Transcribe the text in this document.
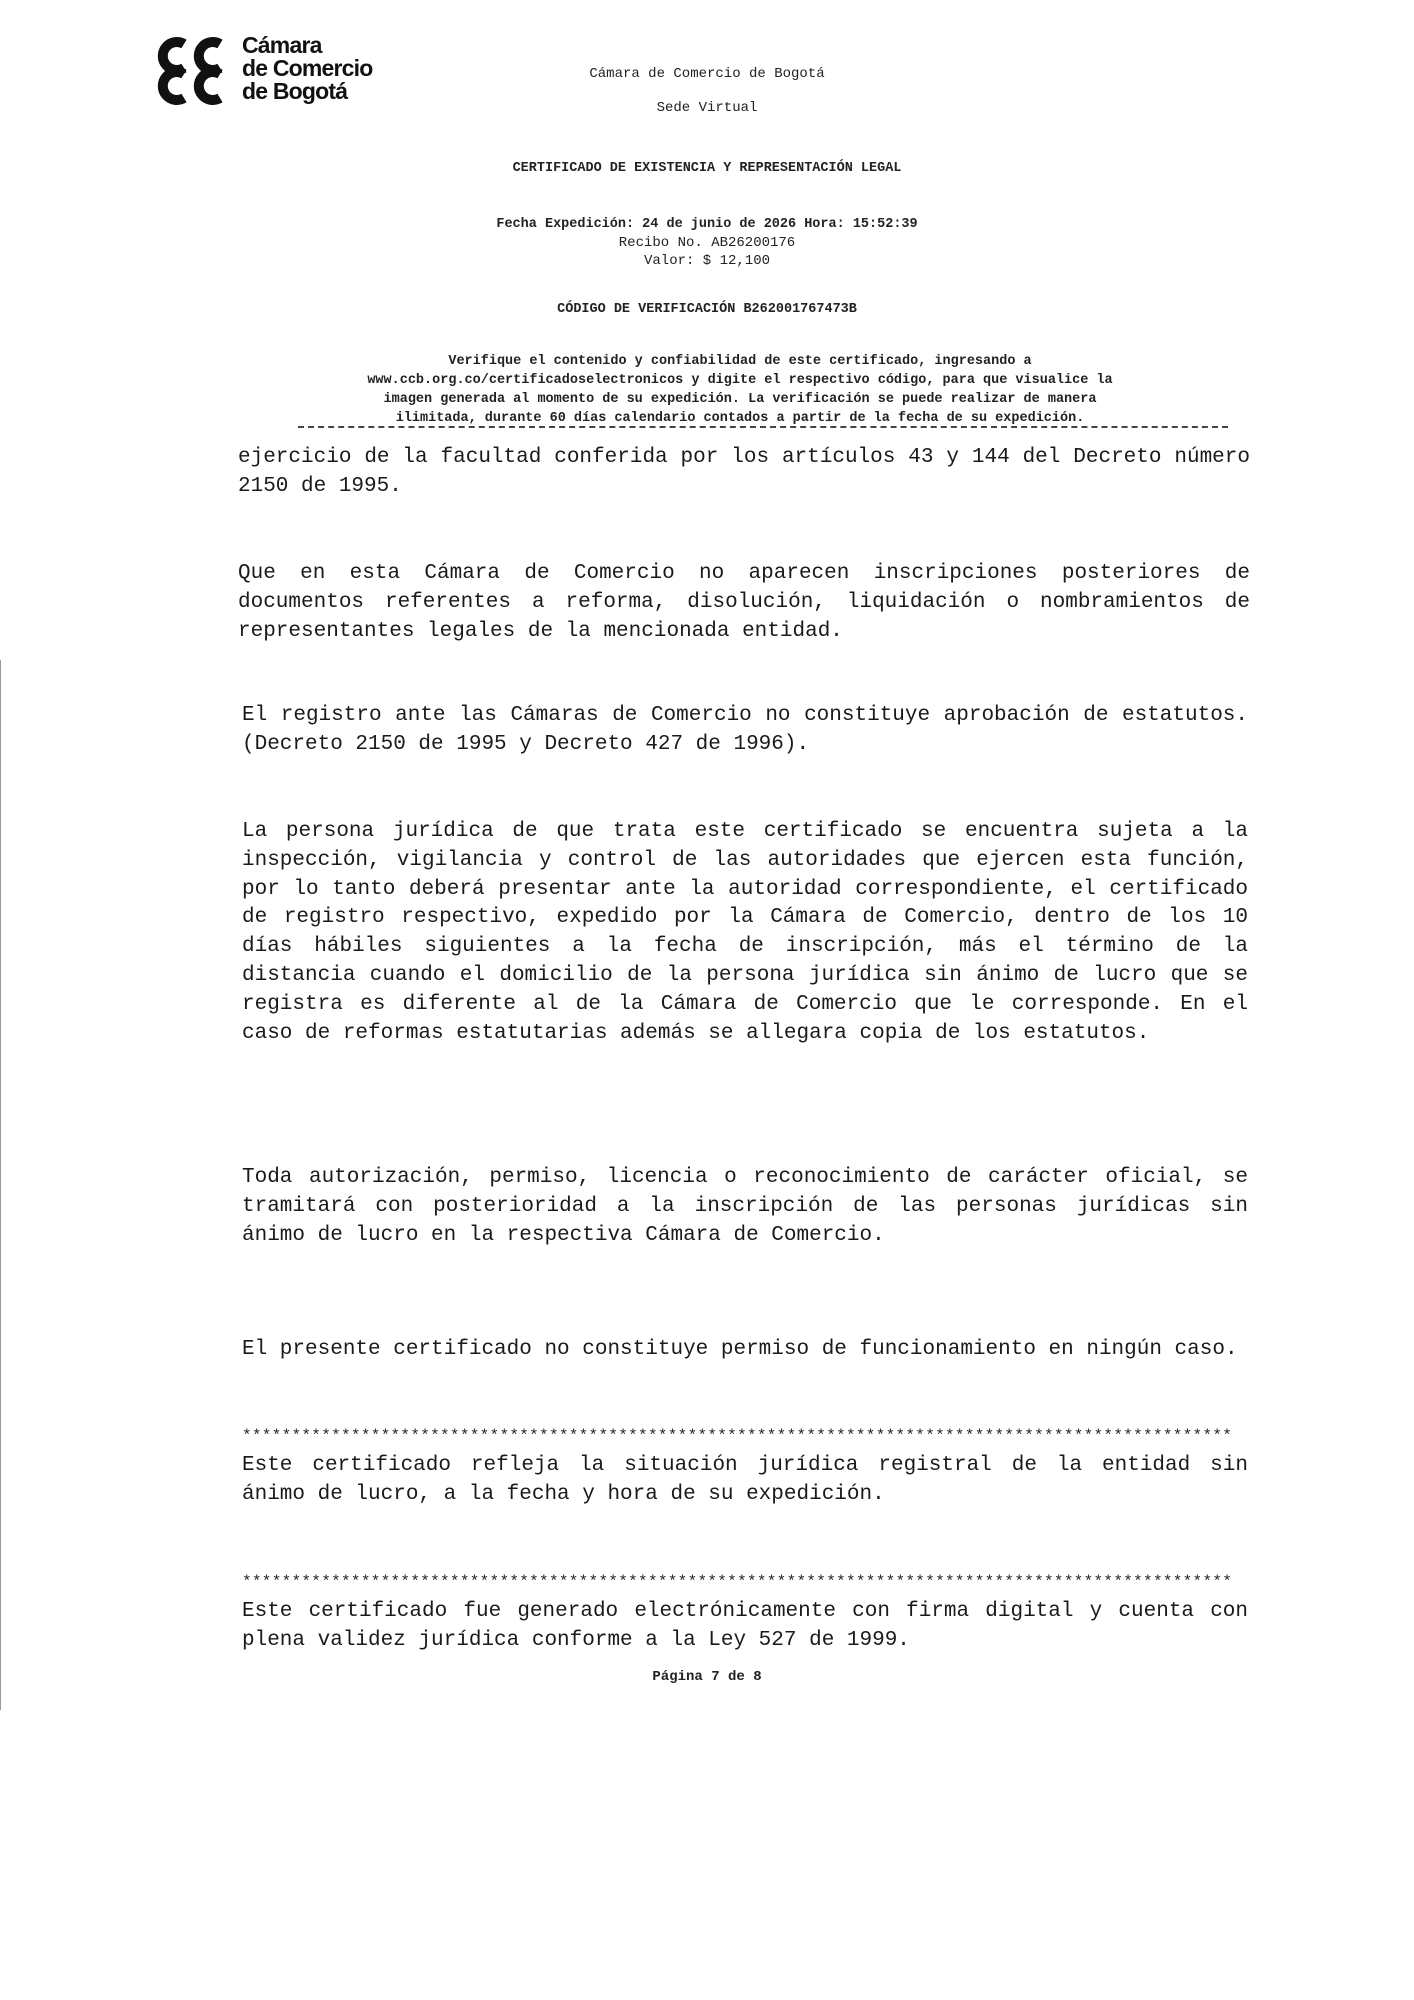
Cámara
de Comercio
de Bogotá
Cámara de Comercio de Bogotá
Sede Virtual
CERTIFICADO DE EXISTENCIA Y REPRESENTACIÓN LEGAL
Fecha Expedición: 24 de junio de 2026 Hora: 15:52:39
Recibo No. AB26200176
Valor: $ 12,100
CÓDIGO DE VERIFICACIÓN B262001767473B
Verifique el contenido y confiabilidad de este certificado, ingresando a
www.ccb.org.co/certificadoselectronicos y digite el respectivo código, para que visualice la
imagen generada al momento de su expedición. La verificación se puede realizar de manera
ilimitada, durante 60 días calendario contados a partir de la fecha de su expedición.
ejercicio de la facultad conferida por los artículos 43 y 144 del Decreto número 2150 de 1995.
Que en esta Cámara de Comercio no aparecen inscripciones posteriores de documentos referentes a reforma, disolución, liquidación o nombramientos de representantes legales de la mencionada entidad.
El registro ante las Cámaras de Comercio no constituye aprobación de estatutos. (Decreto 2150 de 1995 y Decreto 427 de 1996).
La persona jurídica de que trata este certificado se encuentra sujeta a la inspección, vigilancia y control de las autoridades que ejercen esta función, por lo tanto deberá presentar ante la autoridad correspondiente, el certificado de registro respectivo, expedido por la Cámara de Comercio, dentro de los 10 días hábiles siguientes a la fecha de inscripción, más el término de la distancia cuando el domicilio de la persona jurídica sin ánimo de lucro que se registra es diferente al de la Cámara de Comercio que le corresponde. En el caso de reformas estatutarias además se allegara copia de los estatutos.
Toda autorización, permiso, licencia o reconocimiento de carácter oficial, se tramitará con posterioridad a la inscripción de las personas jurídicas sin ánimo de lucro en la respectiva Cámara de Comercio.
El presente certificado no constituye permiso de funcionamiento en ningún caso.
****************************************************************************************************
Este certificado refleja la situación jurídica registral de la entidad sin ánimo de lucro, a la fecha y hora de su expedición.
****************************************************************************************************
Este certificado fue generado electrónicamente con firma digital y cuenta con plena validez jurídica conforme a la Ley 527 de 1999.
Página 7 de 8
